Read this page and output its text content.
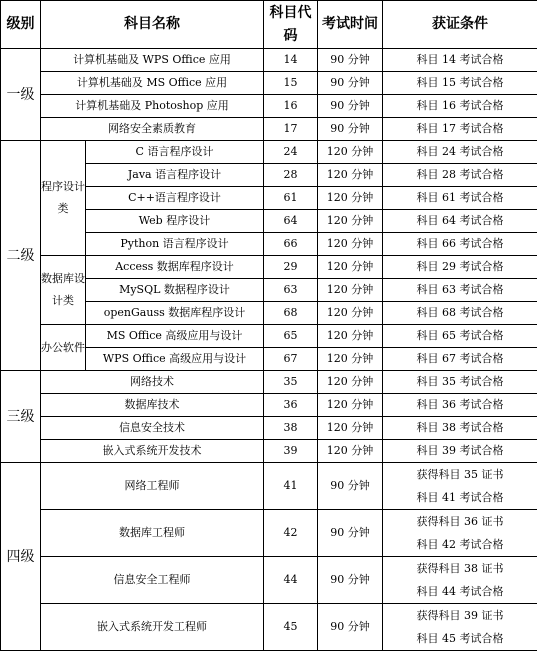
级别	科目名称		科目代码	考试时间	获证条件
一级	计算机基础及 WPS Office 应用		14	90 分钟	科目 14 考试合格
	计算机基础及 MS Office 应用		15	90 分钟	科目 15 考试合格
	计算机基础及 Photoshop 应用		16	90 分钟	科目 16 考试合格
	网络安全素质教育		17	90 分钟	科目 17 考试合格
二级	程序设计类	C 语言程序设计	24	120 分钟	科目 24 考试合格
		Java 语言程序设计	28	120 分钟	科目 28 考试合格
		C++语言程序设计	61	120 分钟	科目 61 考试合格
		Web 程序设计	64	120 分钟	科目 64 考试合格
		Python 语言程序设计	66	120 分钟	科目 66 考试合格
	数据库设计类	Access 数据库程序设计	29	120 分钟	科目 29 考试合格
		MySQL 数据程序设计	63	120 分钟	科目 63 考试合格
		openGauss 数据库程序设计	68	120 分钟	科目 68 考试合格
	办公软件	MS Office 高级应用与设计	65	120 分钟	科目 65 考试合格
		WPS Office 高级应用与设计	67	120 分钟	科目 67 考试合格
三级	网络技术		35	120 分钟	科目 35 考试合格
	数据库技术		36	120 分钟	科目 36 考试合格
	信息安全技术		38	120 分钟	科目 38 考试合格
	嵌入式系统开发技术		39	120 分钟	科目 39 考试合格
四级	网络工程师		41	90 分钟	获得科目 35 证书
科目 41 考试合格
	数据库工程师		42	90 分钟	获得科目 36 证书
科目 42 考试合格
	信息安全工程师		44	90 分钟	获得科目 38 证书
科目 44 考试合格
	嵌入式系统开发工程师		45	90 分钟	获得科目 39 证书
科目 45 考试合格
